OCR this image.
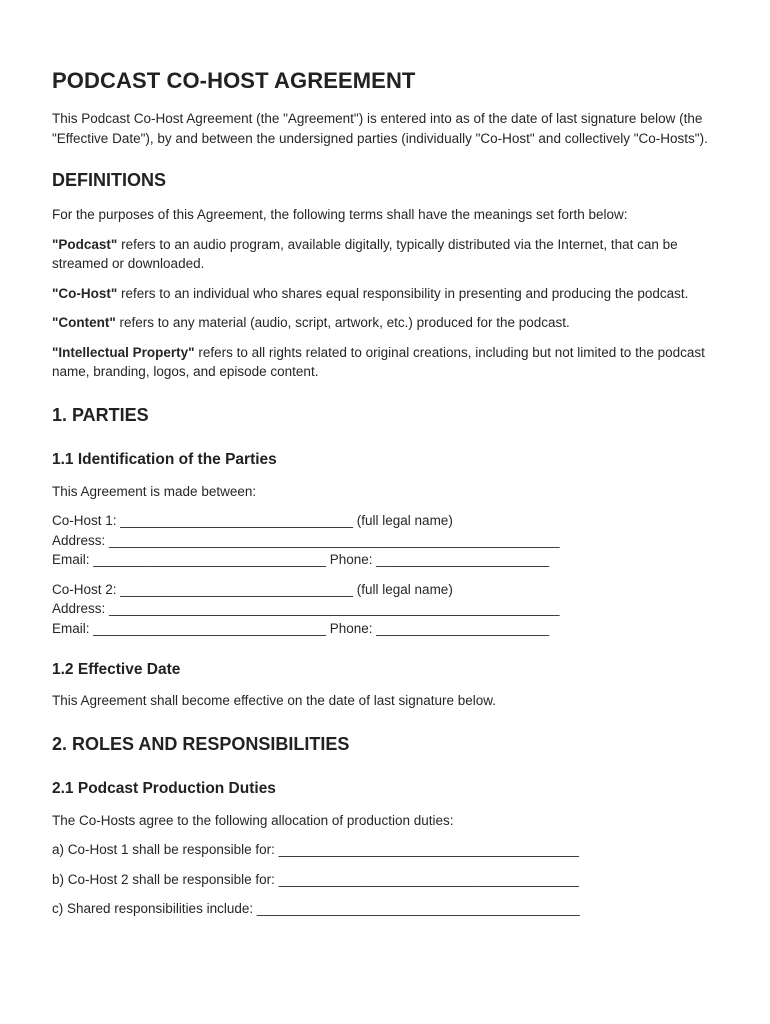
PODCAST CO-HOST AGREEMENT

This Podcast Co-Host Agreement (the "Agreement") is entered into as of the date of last signature below (the "Effective Date"), by and between the undersigned parties (individually "Co-Host" and collectively "Co-Hosts").

DEFINITIONS

For the purposes of this Agreement, the following terms shall have the meanings set forth below:

"Podcast" refers to an audio program, available digitally, typically distributed via the Internet, that can be streamed or downloaded.

"Co-Host" refers to an individual who shares equal responsibility in presenting and producing the podcast.

"Content" refers to any material (audio, script, artwork, etc.) produced for the podcast.

"Intellectual Property" refers to all rights related to original creations, including but not limited to the podcast name, branding, logos, and episode content.

1. PARTIES
1.1 Identification of the Parties

This Agreement is made between:

Co-Host 1: _______________________________ (full legal name)
Address: ____________________________________________________________
Email: _______________________________ Phone: _______________________
Co-Host 2: _______________________________ (full legal name)
Address: ____________________________________________________________
Email: _______________________________ Phone: _______________________
1.2 Effective Date

This Agreement shall become effective on the date of last signature below.

2. ROLES AND RESPONSIBILITIES
2.1 Podcast Production Duties

The Co-Hosts agree to the following allocation of production duties:

a) Co-Host 1 shall be responsible for: ________________________________________
b) Co-Host 2 shall be responsible for: ________________________________________
c) Shared responsibilities include: ___________________________________________
